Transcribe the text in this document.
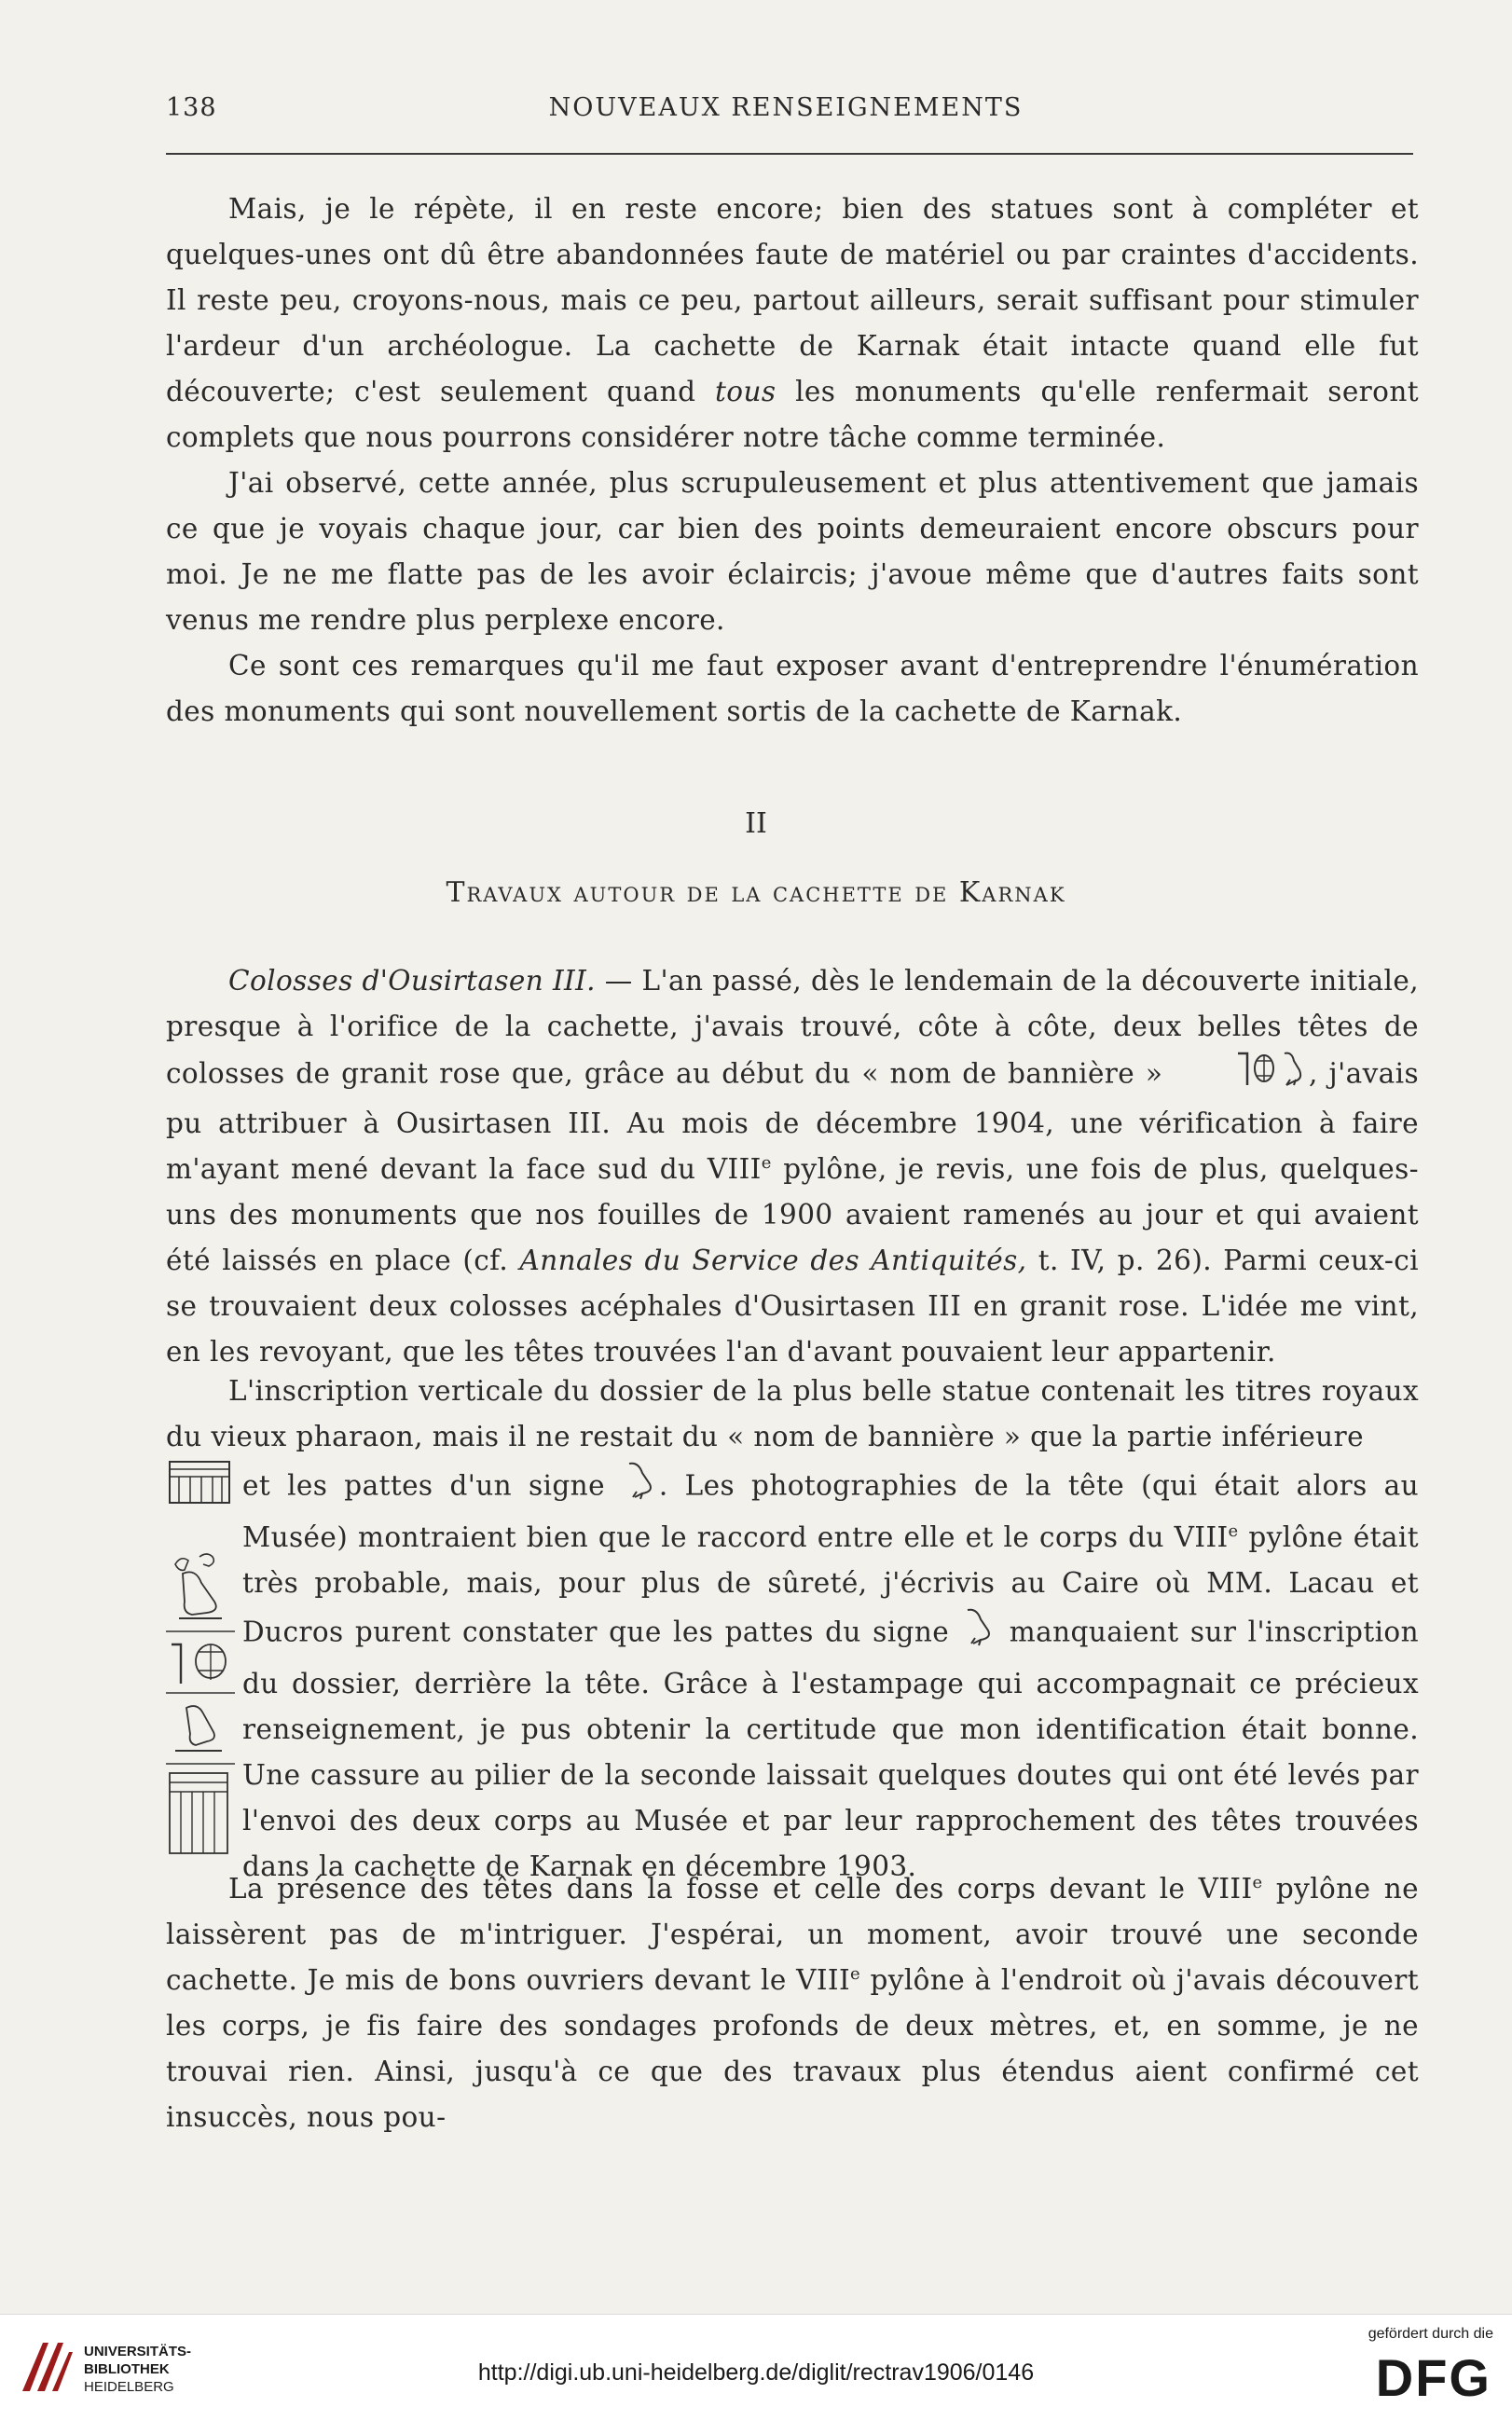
138	NOUVEAUX RENSEIGNEMENTS

Mais, je le répète, il en reste encore; bien des statues sont à compléter et quelques-unes ont dû être abandonnées faute de matériel ou par craintes d'accidents. Il reste peu, croyons-nous, mais ce peu, partout ailleurs, serait suffisant pour stimuler l'ardeur d'un archéologue. La cachette de Karnak était intacte quand elle fut découverte; c'est seulement quand tous les monuments qu'elle renfermait seront complets que nous pourrons considérer notre tâche comme terminée.

J'ai observé, cette année, plus scrupuleusement et plus attentivement que jamais ce que je voyais chaque jour, car bien des points demeuraient encore obscurs pour moi. Je ne me flatte pas de les avoir éclaircis; j'avoue même que d'autres faits sont venus me rendre plus perplexe encore.

Ce sont ces remarques qu'il me faut exposer avant d'entreprendre l'énumération des monuments qui sont nouvellement sortis de la cachette de Karnak.

II
Travaux autour de la cachette de Karnak

Colosses d'Ousirtasen III. — L'an passé, dès le lendemain de la découverte initiale, presque à l'orifice de la cachette, j'avais trouvé, côte à côte, deux belles têtes de colosses de granit rose que, grâce au début du « nom de bannière »	, j'avais pu attribuer à Ousirtasen III. Au mois de décembre 1904, une vérification à faire m'ayant mené devant la face sud du VIIIe pylône, je revis, une fois de plus, quelques-uns des monuments que nos fouilles de 1900 avaient ramenés au jour et qui avaient été laissés en place (cf. Annales du Service des Antiquités, t. IV, p. 26). Parmi ceux-ci se trouvaient deux colosses acéphales d'Ousirtasen III en granit rose. L'idée me vint, en les revoyant, que les têtes trouvées l'an d'avant pouvaient leur appartenir.

L'inscription verticale du dossier de la plus belle statue contenait les titres royaux du vieux pharaon, mais il ne restait du « nom de bannière » que la partie inférieure

et les pattes d'un signe . Les photographies de la tête (qui était alors au Musée) montraient bien que le raccord entre elle et le corps du VIIIe pylône était très probable, mais, pour plus de sûreté, j'écrivis au Caire où MM. Lacau et Ducros purent constater que les pattes du signe manquaient sur l'inscription du dossier, derrière la tête. Grâce à l'estampage qui accompagnait ce précieux renseignement, je pus obtenir la certitude que mon identification était bonne. Une cassure au pilier de la seconde laissait quelques doutes qui ont été levés par l'envoi des deux corps au Musée et par leur rapprochement des têtes trouvées dans la cachette de Karnak en décembre 1903.

La présence des têtes dans la fosse et celle des corps devant le VIIIe pylône ne laissèrent pas de m'intriguer. J'espérai, un moment, avoir trouvé une seconde cachette. Je mis de bons ouvriers devant le VIIIe pylône à l'endroit où j'avais découvert les corps, je fis faire des sondages profonds de deux mètres, et, en somme, je ne trouvai rien. Ainsi, jusqu'à ce que des travaux plus étendus aient confirmé cet insuccès, nous pou-

UNIVERSITÄTS-
BIBLIOTHEK
HEIDELBERG
http://digi.ub.uni-heidelberg.de/diglit/rectrav1906/0146
gefördert durch die
DFG
